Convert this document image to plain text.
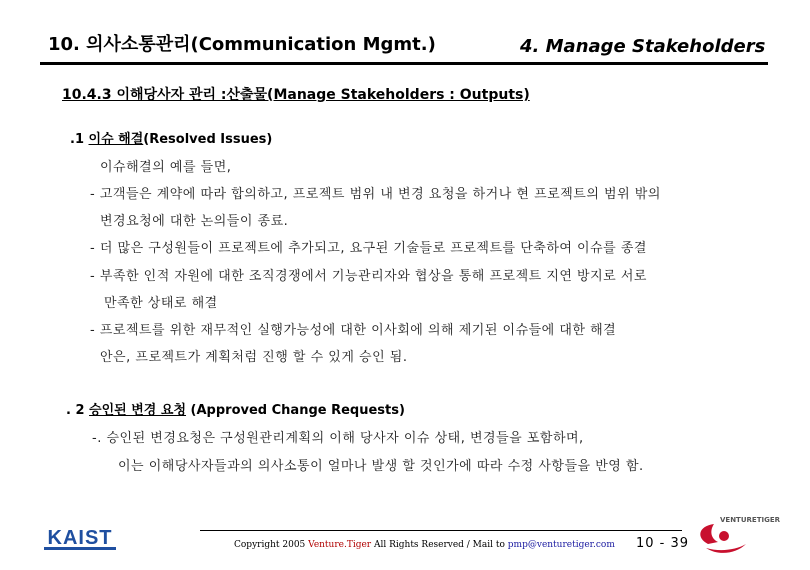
10. 의사소통관리(Communication Mgmt.)	4. Manage Stakeholders
10.4.3 이해당사자 관리 :산출물(Manage Stakeholders : Outputs)
.1 이슈 해결(Resolved Issues)
이슈해결의 예를 들면,
- 고객들은 계약에 따라 합의하고, 프로젝트 범위 내 변경 요청을 하거나 현 프로젝트의 범위 밖의
변경요청에 대한 논의들이 종료.
- 더 많은 구성원들이 프로젝트에 추가되고, 요구된 기술들로 프로젝트를 단축하여 이슈를 종결
- 부족한 인적 자원에 대한 조직경쟁에서 기능관리자와 협상을 통해 프로젝트 지연 방지로 서로
만족한 상태로 해결
- 프로젝트를 위한 재무적인 실행가능성에 대한 이사회에 의해 제기된 이슈들에 대한 해결
안은, 프로젝트가 계획처럼 진행 할 수 있게 승인 됨.
. 2 승인된 변경 요청 (Approved Change Requests)
-. 승인된 변경요청은 구성원관리계획의 이해 당사자 이슈 상태, 변경들을 포함하며,
이는 이해당사자들과의 의사소통이 얼마나 발생 할 것인가에 따라 수정 사항들을 반영 함.
KAIST	Copyright 2005 Venture.Tiger All Rights Reserved / Mail to pmp@venturetiger.com 10 - 39
VENTURETIGER
